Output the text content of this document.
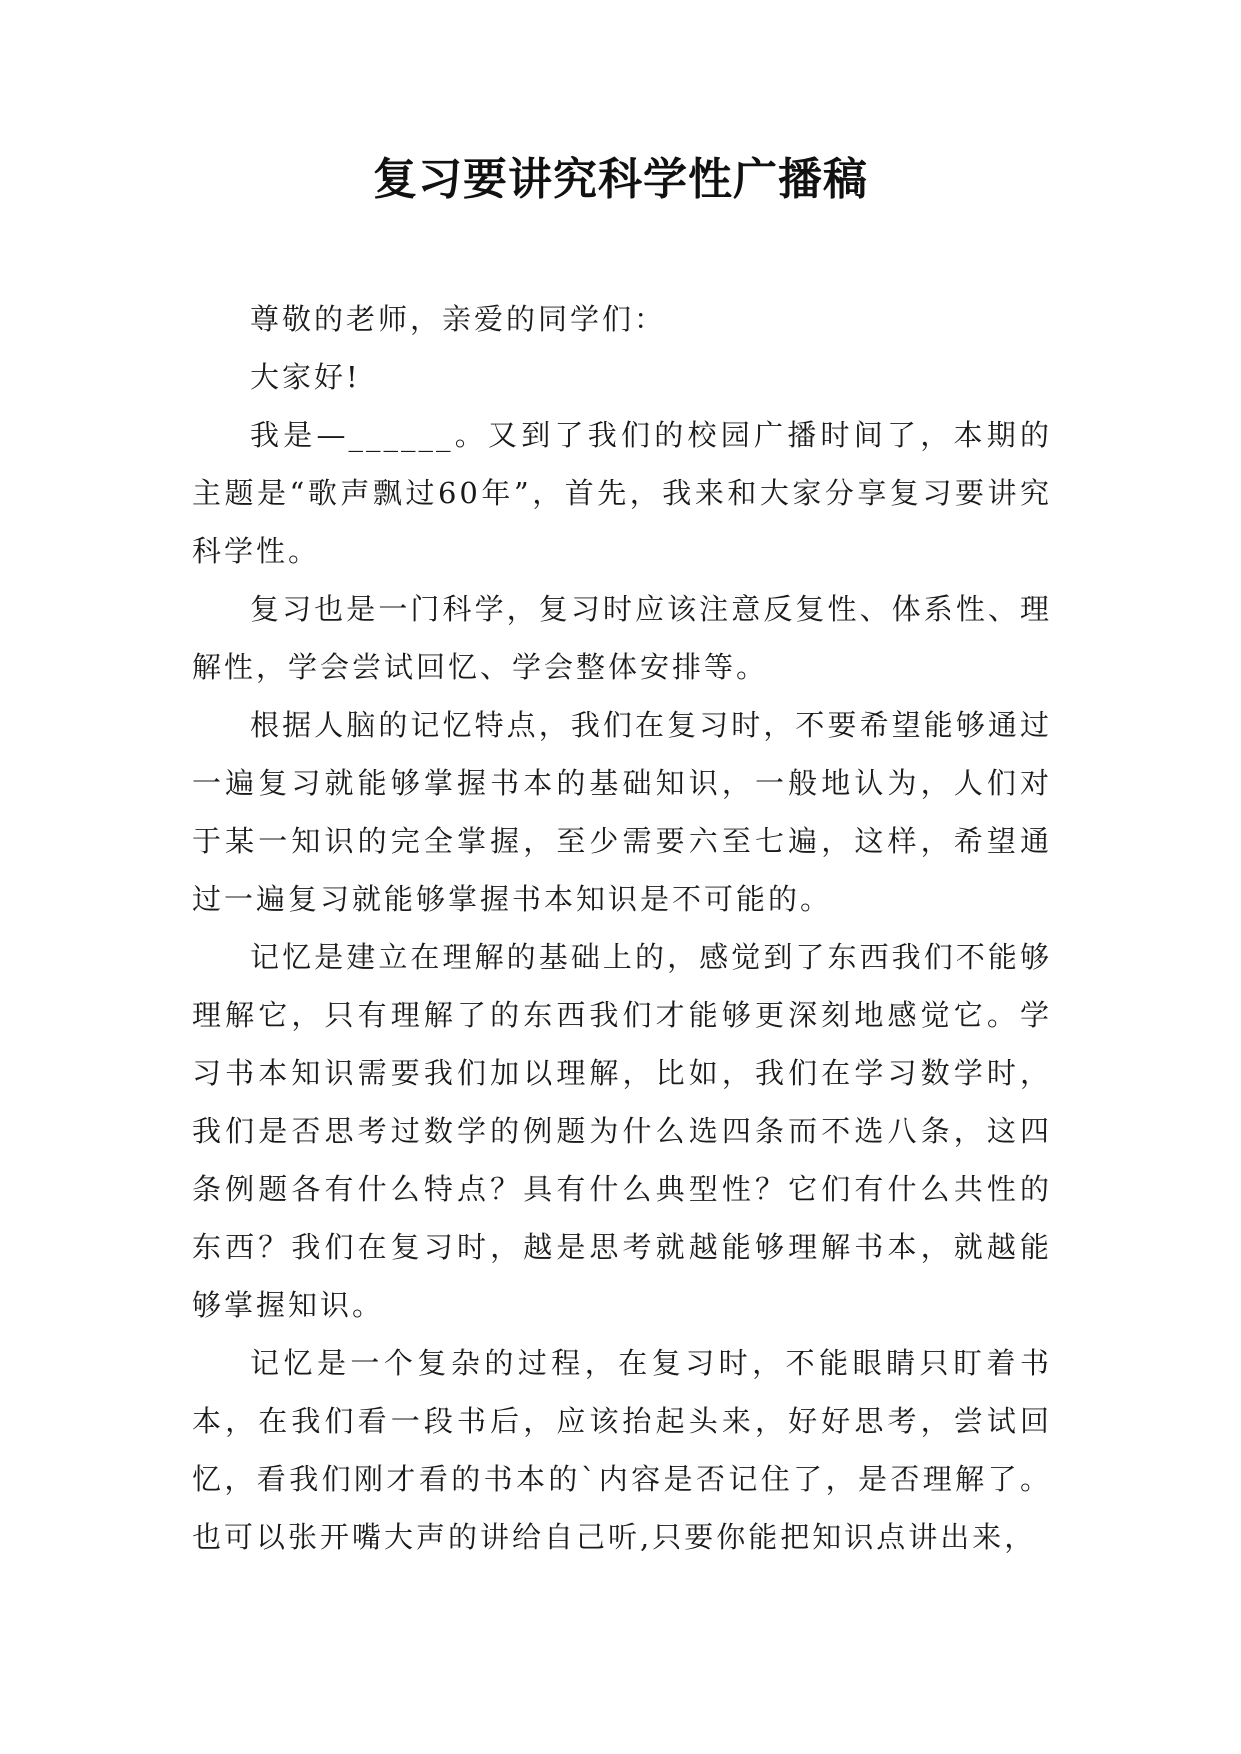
复习要讲究科学性广播稿

尊敬的老师，亲爱的同学们：

大家好!

我是—______。又到了我们的校园广播时间了，本期的主题是“歌声飘过60年”，首先，我来和大家分享复习要讲究科学性。

复习也是一门科学，复习时应该注意反复性、体系性、理解性，学会尝试回忆、学会整体安排等。

根据人脑的记忆特点，我们在复习时，不要希望能够通过一遍复习就能够掌握书本的基础知识，一般地认为，人们对于某一知识的完全掌握，至少需要六至七遍，这样，希望通过一遍复习就能够掌握书本知识是不可能的。

记忆是建立在理解的基础上的，感觉到了东西我们不能够理解它，只有理解了的东西我们才能够更深刻地感觉它。学习书本知识需要我们加以理解，比如，我们在学习数学时，我们是否思考过数学的例题为什么选四条而不选八条，这四条例题各有什么特点？具有什么典型性？它们有什么共性的东西？我们在复习时，越是思考就越能够理解书本，就越能够掌握知识。

记忆是一个复杂的过程，在复习时，不能眼睛只盯着书本，在我们看一段书后，应该抬起头来，好好思考，尝试回忆，看我们刚才看的书本的`内容是否记住了，是否理解了。也可以张开嘴大声的讲给自己听,只要你能把知识点讲出来，
